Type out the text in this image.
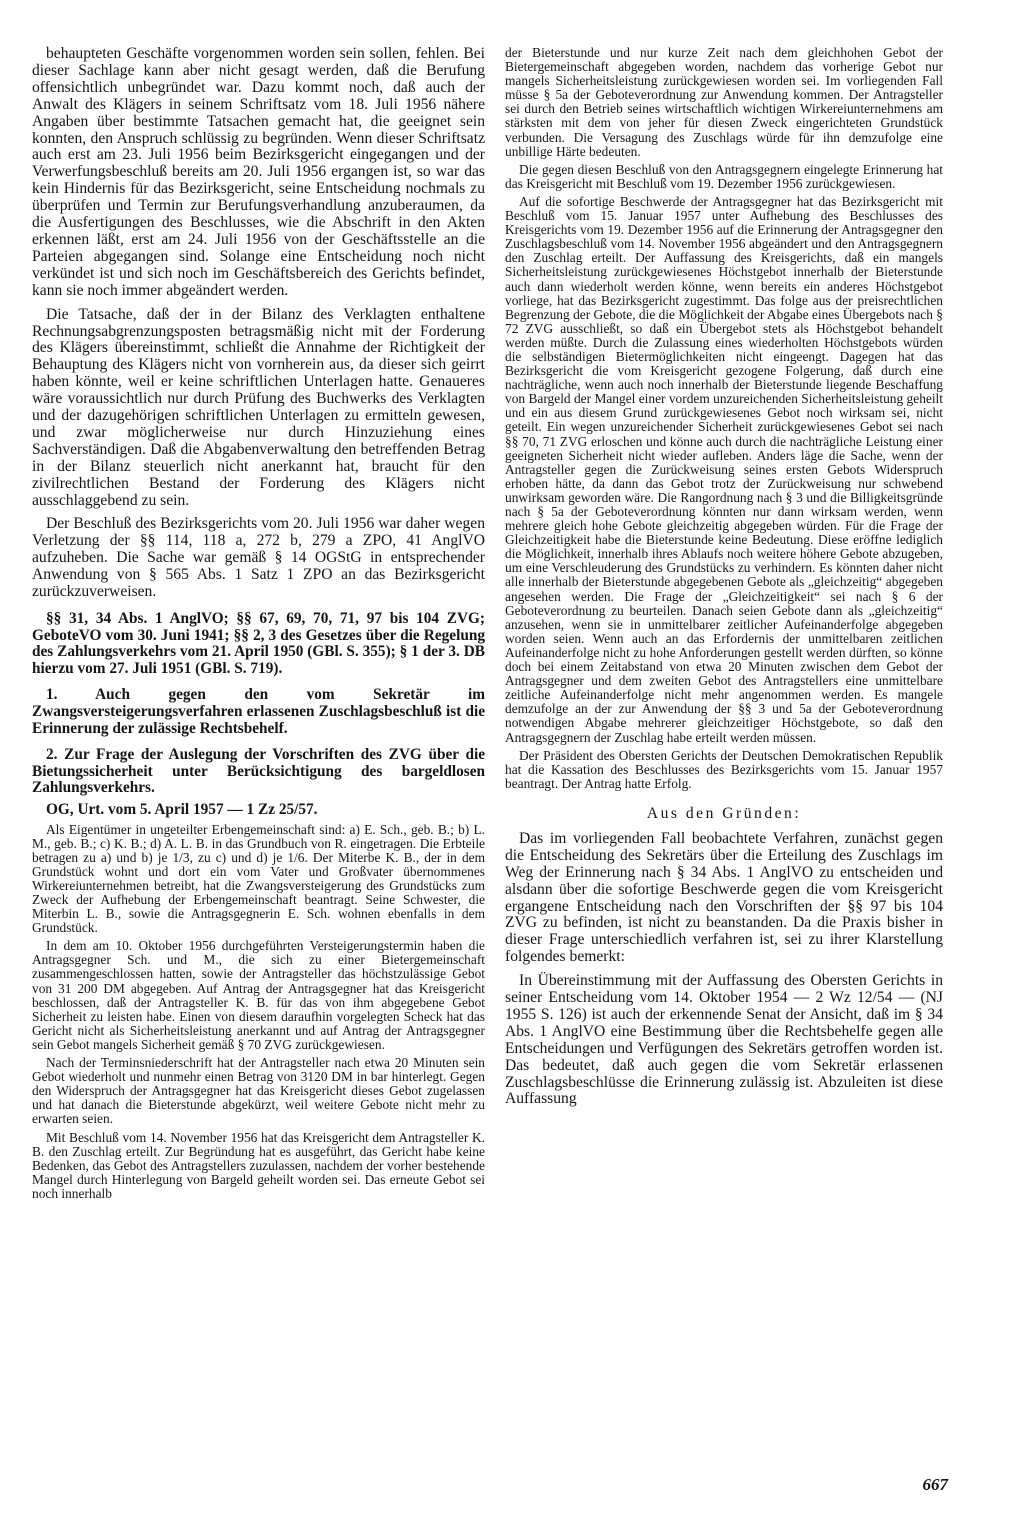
behaupteten Geschäfte vorgenommen worden sein sollen, fehlen. Bei dieser Sachlage kann aber nicht gesagt werden, daß die Berufung offensichtlich unbegründet war. Dazu kommt noch, daß auch der Anwalt des Klägers in seinem Schriftsatz vom 18. Juli 1956 nähere Angaben über bestimmte Tatsachen gemacht hat, die geeignet sein konnten, den Anspruch schlüssig zu begründen. Wenn dieser Schriftsatz auch erst am 23. Juli 1956 beim Bezirksgericht eingegangen und der Verwerfungsbeschluß bereits am 20. Juli 1956 ergangen ist, so war das kein Hindernis für das Bezirksgericht, seine Entscheidung nochmals zu überprüfen und Termin zur Berufungsverhandlung anzuberaumen, da die Ausfertigungen des Beschlusses, wie die Abschrift in den Akten erkennen läßt, erst am 24. Juli 1956 von der Geschäftsstelle an die Parteien abgegangen sind. Solange eine Entscheidung noch nicht verkündet ist und sich noch im Geschäftsbereich des Gerichts befindet, kann sie noch immer abgeändert werden.

Die Tatsache, daß der in der Bilanz des Verklagten enthaltene Rechnungsabgrenzungsposten betragsmäßig nicht mit der Forderung des Klägers übereinstimmt, schließt die Annahme der Richtigkeit der Behauptung des Klägers nicht von vornherein aus, da dieser sich geirrt haben könnte, weil er keine schriftlichen Unterlagen hatte. Genaueres wäre voraussichtlich nur durch Prüfung des Buchwerks des Verklagten und der dazugehörigen schriftlichen Unterlagen zu ermitteln gewesen, und zwar möglicherweise nur durch Hinzuziehung eines Sachverständigen. Daß die Abgabenverwaltung den betreffenden Betrag in der Bilanz steuerlich nicht anerkannt hat, braucht für den zivilrechtlichen Bestand der Forderung des Klägers nicht ausschlaggebend zu sein.

Der Beschluß des Bezirksgerichts vom 20. Juli 1956 war daher wegen Verletzung der §§ 114, 118 a, 272 b, 279 a ZPO, 41 AnglVO aufzuheben. Die Sache war gemäß § 14 OGStG in entsprechender Anwendung von § 565 Abs. 1 Satz 1 ZPO an das Bezirksgericht zurückzuverweisen.

§§ 31, 34 Abs. 1 AnglVO; §§ 67, 69, 70, 71, 97 bis 104 ZVG; GeboteVO vom 30. Juni 1941; §§ 2, 3 des Gesetzes über die Regelung des Zahlungsverkehrs vom 21. April 1950 (GBl. S. 355); § 1 der 3. DB hierzu vom 27. Juli 1951 (GBl. S. 719).

1. Auch gegen den vom Sekretär im Zwangsversteigerungsverfahren erlassenen Zuschlagsbeschluß ist die Erinnerung der zulässige Rechtsbehelf.

2. Zur Frage der Auslegung der Vorschriften des ZVG über die Bietungssicherheit unter Berücksichtigung des bargeldlosen Zahlungsverkehrs.

OG, Urt. vom 5. April 1957 — 1 Zz 25/57.

Als Eigentümer in ungeteilter Erbengemeinschaft sind: a) E. Sch., geb. B.; b) L. M., geb. B.; c) K. B.; d) A. L. B. in das Grundbuch von R. eingetragen. Die Erbteile betragen zu a) und b) je 1/3, zu c) und d) je 1/6. Der Miterbe K. B., der in dem Grundstück wohnt und dort ein vom Vater und Großvater übernommenes Wirkereiunternehmen betreibt, hat die Zwangsversteigerung des Grundstücks zum Zweck der Aufhebung der Erbengemeinschaft beantragt. Seine Schwester, die Miterbin L. B., sowie die Antragsgegnerin E. Sch. wohnen ebenfalls in dem Grundstück.

In dem am 10. Oktober 1956 durchgeführten Versteigerungstermin haben die Antragsgegner Sch. und M., die sich zu einer Bietergemeinschaft zusammengeschlossen hatten, sowie der Antragsteller das höchstzulässige Gebot von 31 200 DM abgegeben. Auf Antrag der Antragsgegner hat das Kreisgericht beschlossen, daß der Antragsteller K. B. für das von ihm abgegebene Gebot Sicherheit zu leisten habe. Einen von diesem daraufhin vorgelegten Scheck hat das Gericht nicht als Sicherheitsleistung anerkannt und auf Antrag der Antragsgegner sein Gebot mangels Sicherheit gemäß § 70 ZVG zurückgewiesen.

Nach der Terminsniederschrift hat der Antragsteller nach etwa 20 Minuten sein Gebot wiederholt und nunmehr einen Betrag von 3120 DM in bar hinterlegt. Gegen den Widerspruch der Antragsgegner hat das Kreisgericht dieses Gebot zugelassen und hat danach die Bieterstunde abgekürzt, weil weitere Gebote nicht mehr zu erwarten seien.

Mit Beschluß vom 14. November 1956 hat das Kreisgericht dem Antragsteller K. B. den Zuschlag erteilt. Zur Begründung hat es ausgeführt, das Gericht habe keine Bedenken, das Gebot des Antragstellers zuzulassen, nachdem der vorher bestehende Mangel durch Hinterlegung von Bargeld geheilt worden sei. Das erneute Gebot sei noch innerhalb

der Bieterstunde und nur kurze Zeit nach dem gleichhohen Gebot der Bietergemeinschaft abgegeben worden, nachdem das vorherige Gebot nur mangels Sicherheitsleistung zurückgewiesen worden sei. Im vorliegenden Fall müsse § 5a der Geboteverordnung zur Anwendung kommen. Der Antragsteller sei durch den Betrieb seines wirtschaftlich wichtigen Wirkereiunternehmens am stärksten mit dem von jeher für diesen Zweck eingerichteten Grundstück verbunden. Die Versagung des Zuschlags würde für ihn demzufolge eine unbillige Härte bedeuten.

Die gegen diesen Beschluß von den Antragsgegnern eingelegte Erinnerung hat das Kreisgericht mit Beschluß vom 19. Dezember 1956 zurückgewiesen.

Auf die sofortige Beschwerde der Antragsgegner hat das Bezirksgericht mit Beschluß vom 15. Januar 1957 unter Aufhebung des Beschlusses des Kreisgerichts vom 19. Dezember 1956 auf die Erinnerung der Antragsgegner den Zuschlagsbeschluß vom 14. November 1956 abgeändert und den Antragsgegnern den Zuschlag erteilt. Der Auffassung des Kreisgerichts, daß ein mangels Sicherheitsleistung zurückgewiesenes Höchstgebot innerhalb der Bieterstunde auch dann wiederholt werden könne, wenn bereits ein anderes Höchstgebot vorliege, hat das Bezirksgericht zugestimmt. Das folge aus der preisrechtlichen Begrenzung der Gebote, die die Möglichkeit der Abgabe eines Übergebots nach § 72 ZVG ausschließt, so daß ein Übergebot stets als Höchstgebot behandelt werden müßte. Durch die Zulassung eines wiederholten Höchstgebots würden die selbständigen Bietermöglichkeiten nicht eingeengt. Dagegen hat das Bezirksgericht die vom Kreisgericht gezogene Folgerung, daß durch eine nachträgliche, wenn auch noch innerhalb der Bieterstunde liegende Beschaffung von Bargeld der Mangel einer vordem unzureichenden Sicherheitsleistung geheilt und ein aus diesem Grund zurückgewiesenes Gebot noch wirksam sei, nicht geteilt. Ein wegen unzureichender Sicherheit zurückgewiesenes Gebot sei nach §§ 70, 71 ZVG erloschen und könne auch durch die nachträgliche Leistung einer geeigneten Sicherheit nicht wieder aufleben. Anders läge die Sache, wenn der Antragsteller gegen die Zurückweisung seines ersten Gebots Widerspruch erhoben hätte, da dann das Gebot trotz der Zurückweisung nur schwebend unwirksam geworden wäre. Die Rangordnung nach § 3 und die Billigkeitsgründe nach § 5a der Geboteverordnung könnten nur dann wirksam werden, wenn mehrere gleich hohe Gebote gleichzeitig abgegeben würden. Für die Frage der Gleichzeitigkeit habe die Bieterstunde keine Bedeutung. Diese eröffne lediglich die Möglichkeit, innerhalb ihres Ablaufs noch weitere höhere Gebote abzugeben, um eine Verschleuderung des Grundstücks zu verhindern. Es könnten daher nicht alle innerhalb der Bieterstunde abgegebenen Gebote als „gleichzeitig“ abgegeben angesehen werden. Die Frage der „Gleichzeitigkeit“ sei nach § 6 der Geboteverordnung zu beurteilen. Danach seien Gebote dann als „gleichzeitig“ anzusehen, wenn sie in unmittelbarer zeitlicher Aufeinanderfolge abgegeben worden seien. Wenn auch an das Erfordernis der unmittelbaren zeitlichen Aufeinanderfolge nicht zu hohe Anforderungen gestellt werden dürften, so könne doch bei einem Zeitabstand von etwa 20 Minuten zwischen dem Gebot der Antragsgegner und dem zweiten Gebot des Antragstellers eine unmittelbare zeitliche Aufeinanderfolge nicht mehr angenommen werden. Es mangele demzufolge an der zur Anwendung der §§ 3 und 5a der Geboteverordnung notwendigen Abgabe mehrerer gleichzeitiger Höchstgebote, so daß den Antragsgegnern der Zuschlag habe erteilt werden müssen.

Der Präsident des Obersten Gerichts der Deutschen Demokratischen Republik hat die Kassation des Beschlusses des Bezirksgerichts vom 15. Januar 1957 beantragt. Der Antrag hatte Erfolg.

Aus den Gründen:

Das im vorliegenden Fall beobachtete Verfahren, zunächst gegen die Entscheidung des Sekretärs über die Erteilung des Zuschlags im Weg der Erinnerung nach § 34 Abs. 1 AnglVO zu entscheiden und alsdann über die sofortige Beschwerde gegen die vom Kreisgericht ergangene Entscheidung nach den Vorschriften der §§ 97 bis 104 ZVG zu befinden, ist nicht zu beanstanden. Da die Praxis bisher in dieser Frage unterschiedlich verfahren ist, sei zu ihrer Klarstellung folgendes bemerkt:

In Übereinstimmung mit der Auffassung des Obersten Gerichts in seiner Entscheidung vom 14. Oktober 1954 — 2 Wz 12/54 — (NJ 1955 S. 126) ist auch der erkennende Senat der Ansicht, daß im § 34 Abs. 1 AnglVO eine Bestimmung über die Rechtsbehelfe gegen alle Entscheidungen und Verfügungen des Sekretärs getroffen worden ist. Das bedeutet, daß auch gegen die vom Sekretär erlassenen Zuschlagsbeschlüsse die Erinnerung zulässig ist. Abzuleiten ist diese Auffassung

667
